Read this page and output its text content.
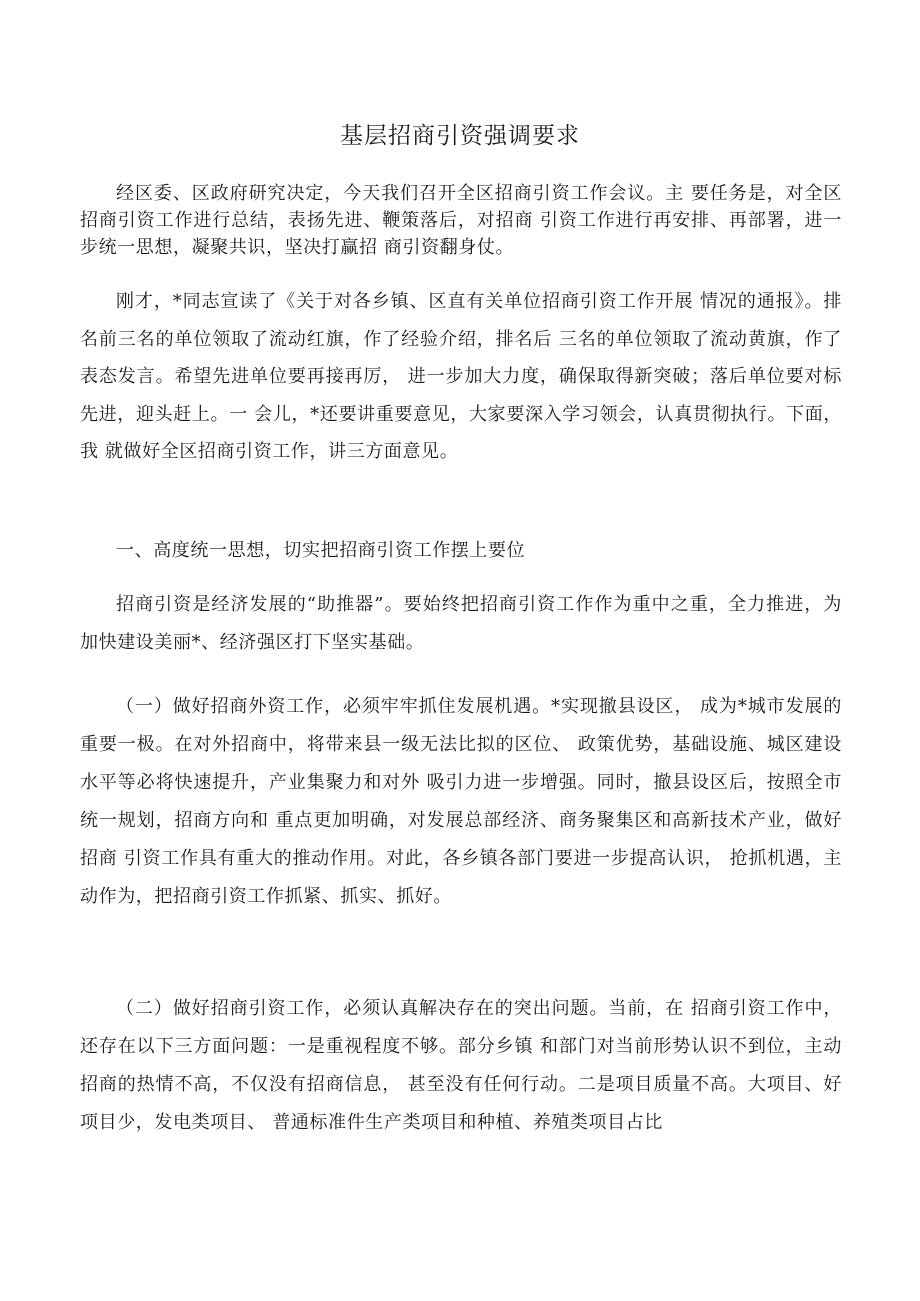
基层招商引资强调要求

经区委、区政府研究决定，今天我们召开全区招商引资工作会议。主 要任务是，对全区招商引资工作进行总结，表扬先进、鞭策落后，对招商 引资工作进行再安排、再部署，进一步统一思想，凝聚共识，坚决打赢招 商引资翻身仗。

刚才，*同志宣读了《关于对各乡镇、区直有关单位招商引资工作开展 情况的通报》。排名前三名的单位领取了流动红旗，作了经验介绍，排名后 三名的单位领取了流动黄旗，作了表态发言。希望先进单位要再接再厉， 进一步加大力度，确保取得新突破；落后单位要对标先进，迎头赶上。一 会儿，*还要讲重要意见，大家要深入学习领会，认真贯彻执行。下面，我 就做好全区招商引资工作，讲三方面意见。

一、高度统一思想，切实把招商引资工作摆上要位

招商引资是经济发展的“助推器”。要始终把招商引资工作作为重中之重，全力推进，为加快建设美丽*、经济强区打下坚实基础。

（一）做好招商外资工作，必须牢牢抓住发展机遇。*实现撤县设区， 成为*城市发展的重要一极。在对外招商中，将带来县一级无法比拟的区位、 政策优势，基础设施、城区建设水平等必将快速提升，产业集聚力和对外 吸引力进一步增强。同时，撤县设区后，按照全市统一规划，招商方向和 重点更加明确，对发展总部经济、商务聚集区和高新技术产业，做好招商 引资工作具有重大的推动作用。对此，各乡镇各部门要进一步提高认识， 抢抓机遇，主动作为，把招商引资工作抓紧、抓实、抓好。

（二）做好招商引资工作，必须认真解决存在的突出问题。当前，在 招商引资工作中，还存在以下三方面问题：一是重视程度不够。部分乡镇 和部门对当前形势认识不到位，主动招商的热情不高，不仅没有招商信息， 甚至没有任何行动。二是项目质量不高。大项目、好项目少，发电类项目、 普通标准件生产类项目和种植、养殖类项目占比
